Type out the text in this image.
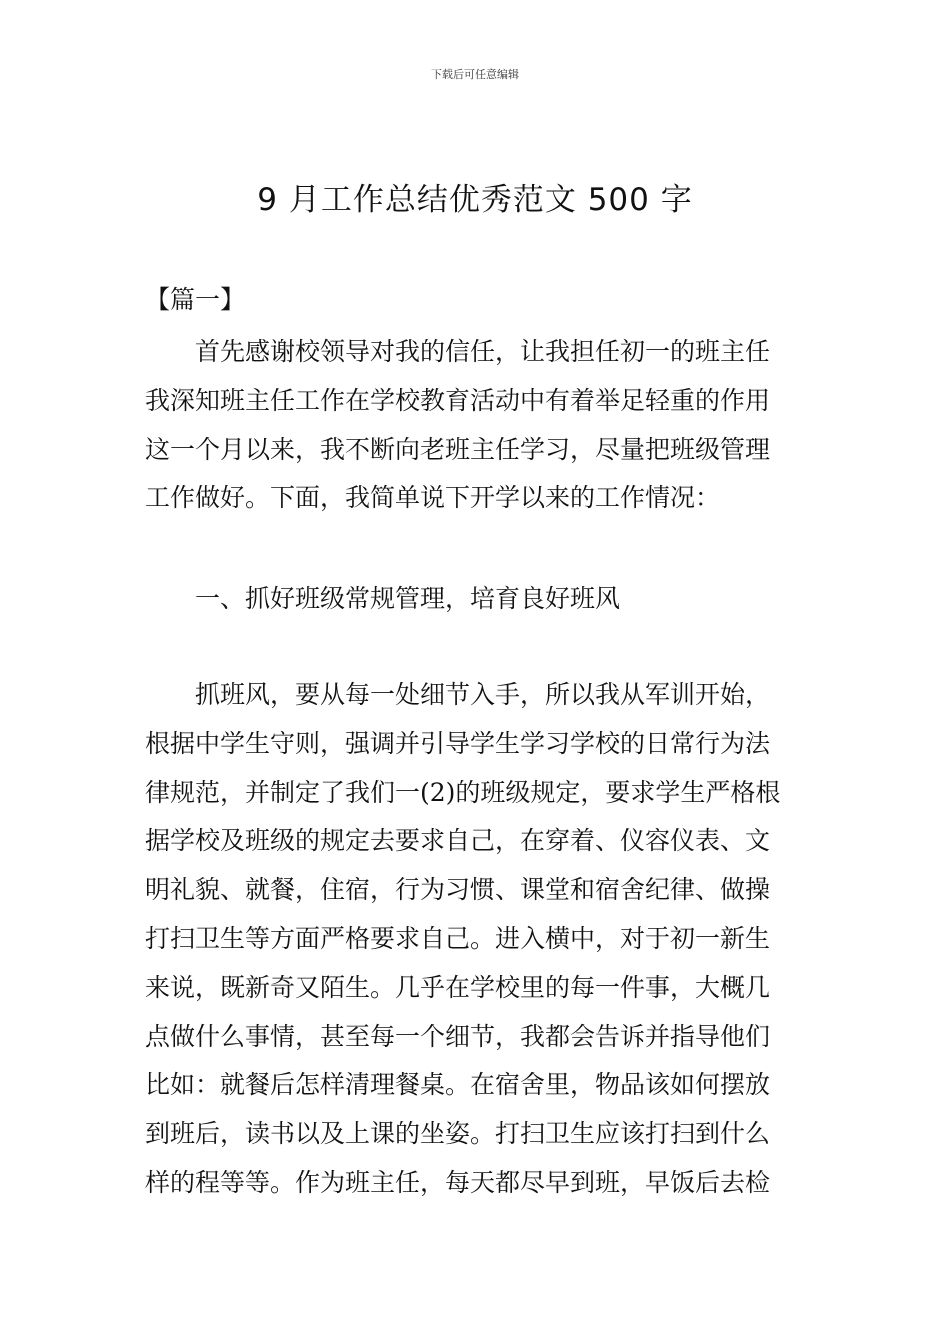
下载后可任意编辑
9 月工作总结优秀范文 500 字
【篇一】
首先感谢校领导对我的信任，让我担任初一的班主任
我深知班主任工作在学校教育活动中有着举足轻重的作用
这一个月以来，我不断向老班主任学习，尽量把班级管理
工作做好。下面，我简单说下开学以来的工作情况：
一、抓好班级常规管理，培育良好班风
抓班风，要从每一处细节入手，所以我从军训开始，
根据中学生守则，强调并引导学生学习学校的日常行为法
律规范，并制定了我们一(2)的班级规定，要求学生严格根
据学校及班级的规定去要求自己，在穿着、仪容仪表、文
明礼貌、就餐，住宿，行为习惯、课堂和宿舍纪律、做操
打扫卫生等方面严格要求自己。进入横中，对于初一新生
来说，既新奇又陌生。几乎在学校里的每一件事，大概几
点做什么事情，甚至每一个细节，我都会告诉并指导他们
比如：就餐后怎样清理餐桌。在宿舍里，物品该如何摆放
到班后，读书以及上课的坐姿。打扫卫生应该打扫到什么
样的程等等。作为班主任，每天都尽早到班，早饭后去检
